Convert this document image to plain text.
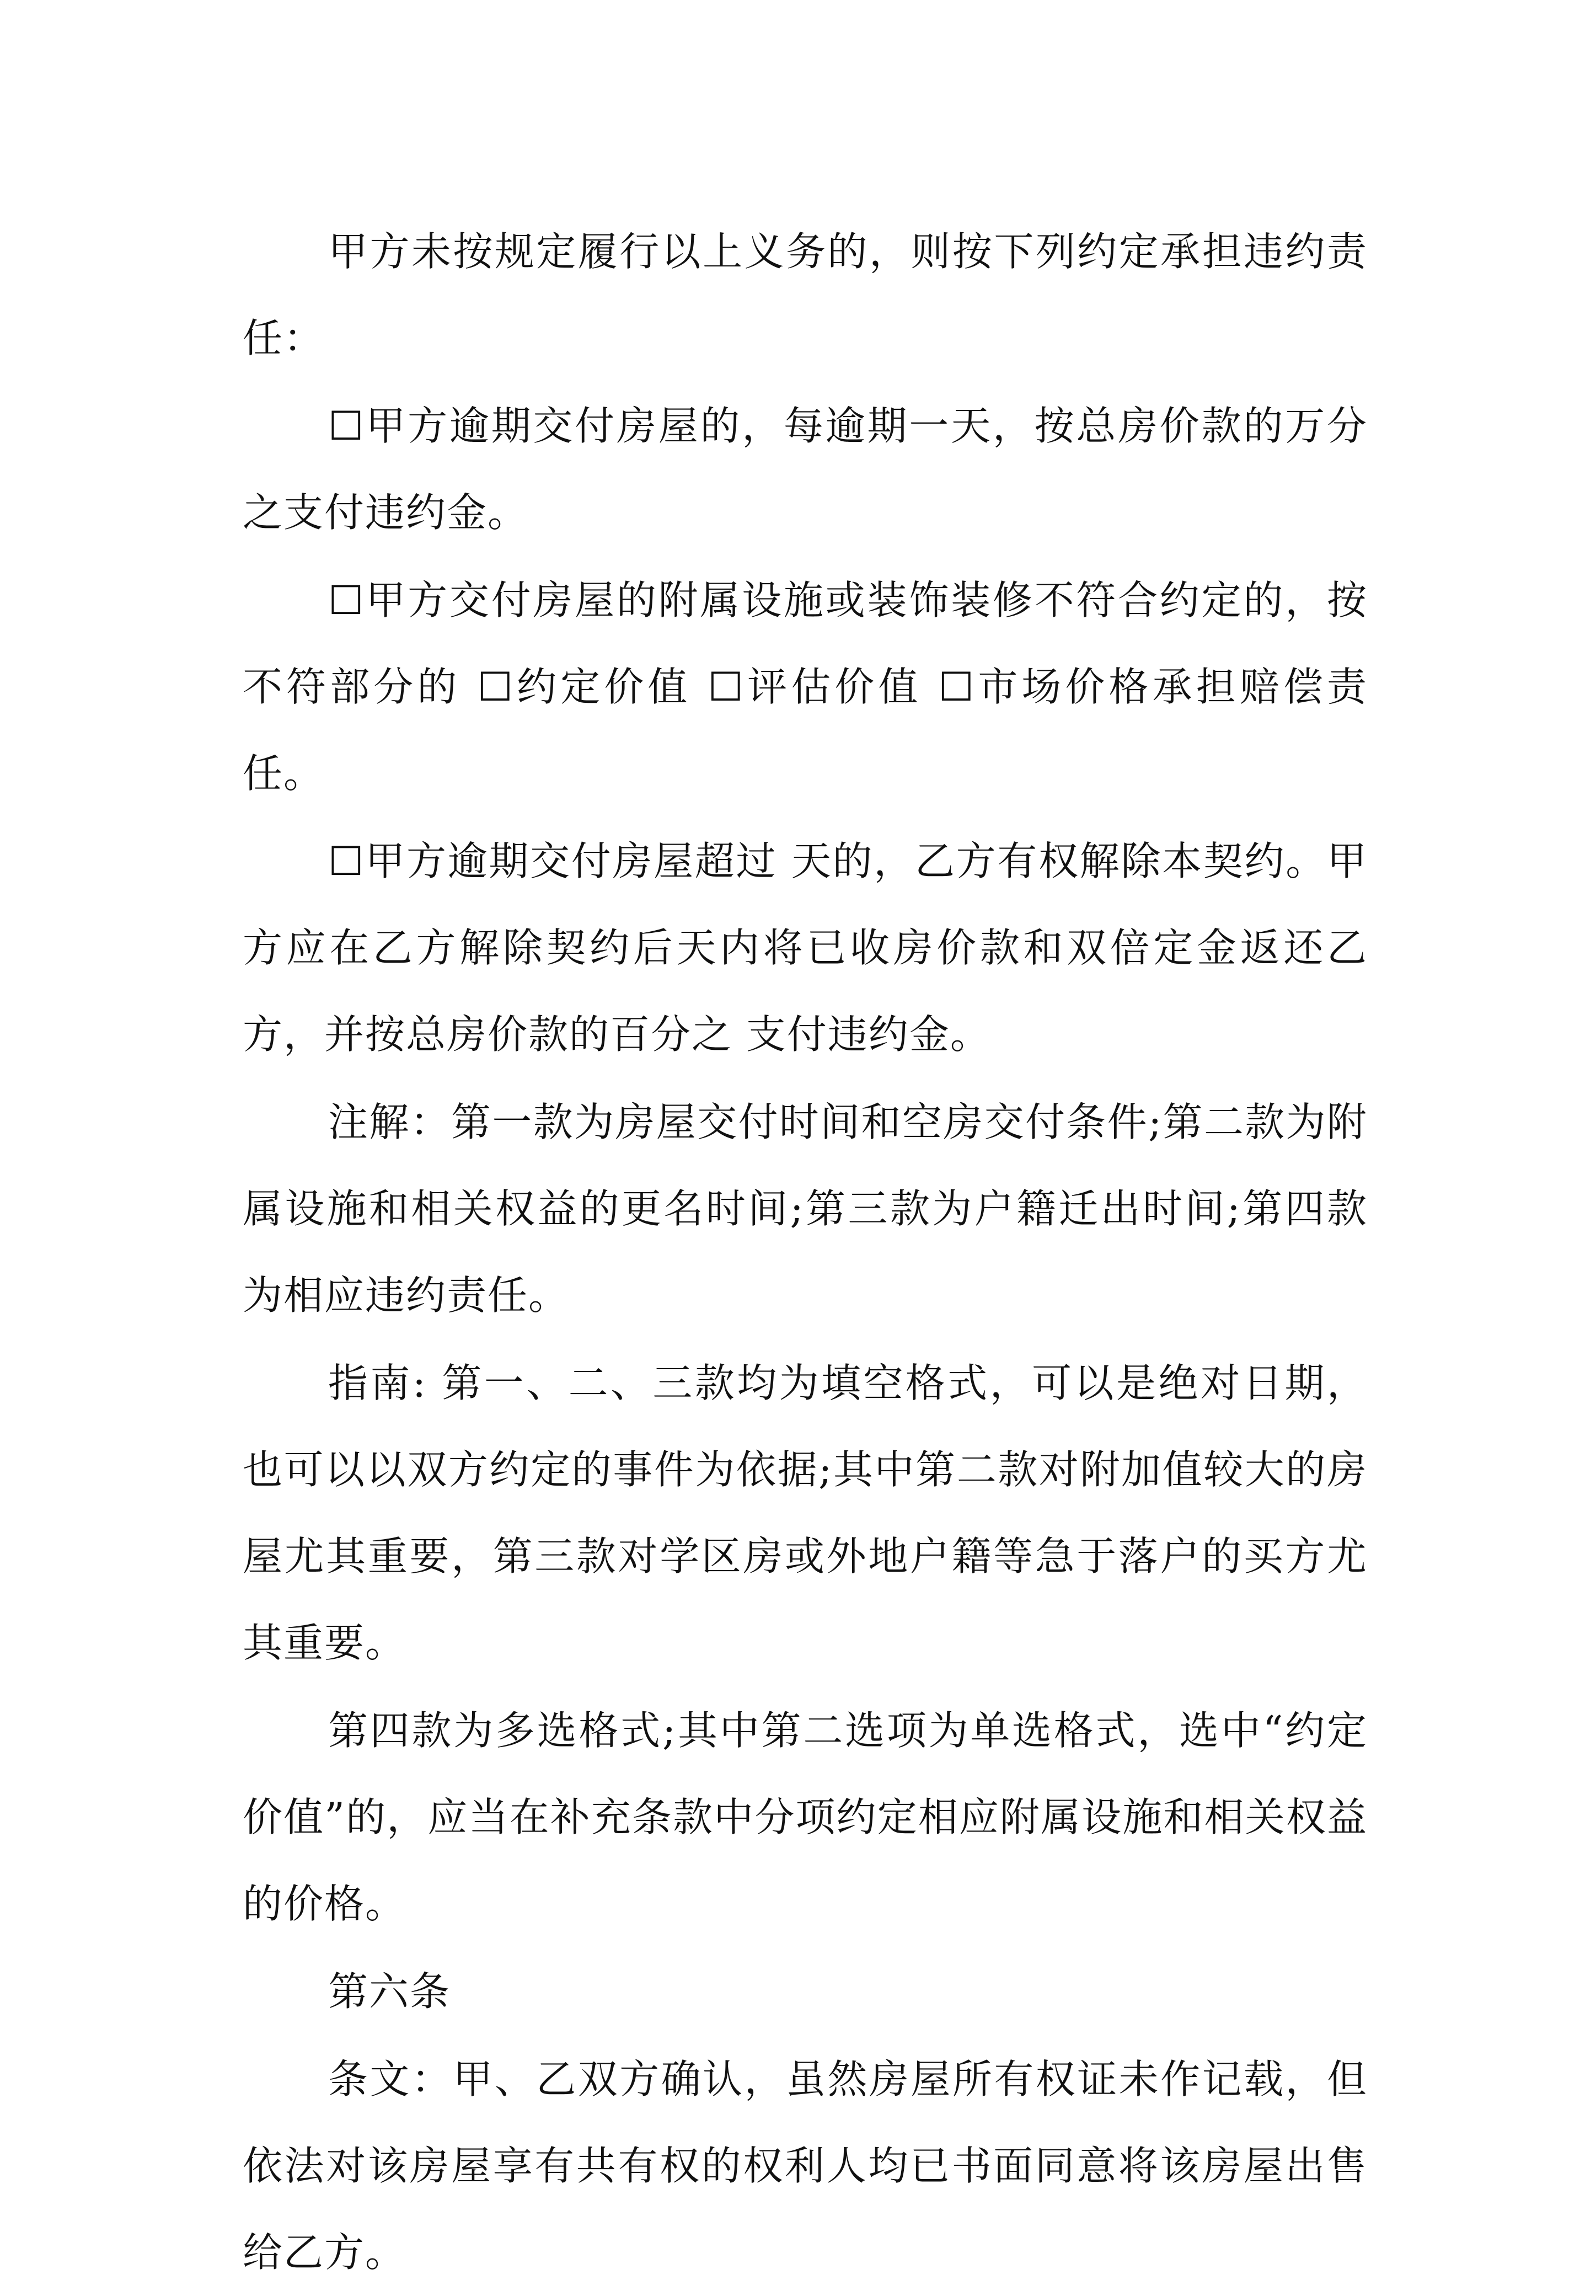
甲方未按规定履行以上义务的，则按下列约定承担违约责任：

☐甲方逾期交付房屋的，每逾期一天，按总房价款的万分之支付违约金。

☐甲方交付房屋的附属设施或装饰装修不符合约定的，按不符部分的 ☐约定价值 ☐评估价值 ☐市场价格承担赔偿责任。

☐甲方逾期交付房屋超过 天的，乙方有权解除本契约。甲方应在乙方解除契约后天内将已收房价款和双倍定金返还乙方，并按总房价款的百分之 支付违约金。

注解：第一款为房屋交付时间和空房交付条件;第二款为附属设施和相关权益的更名时间;第三款为户籍迁出时间;第四款为相应违约责任。

指南: 第一、二、三款均为填空格式，可以是绝对日期，也可以以双方约定的事件为依据;其中第二款对附加值较大的房屋尤其重要，第三款对学区房或外地户籍等急于落户的买方尤其重要。

第四款为多选格式;其中第二选项为单选格式，选中“约定价值”的，应当在补充条款中分项约定相应附属设施和相关权益的价格。

第六条

条文：甲、乙双方确认，虽然房屋所有权证未作记载，但依法对该房屋享有共有权的权利人均已书面同意将该房屋出售给乙方。
